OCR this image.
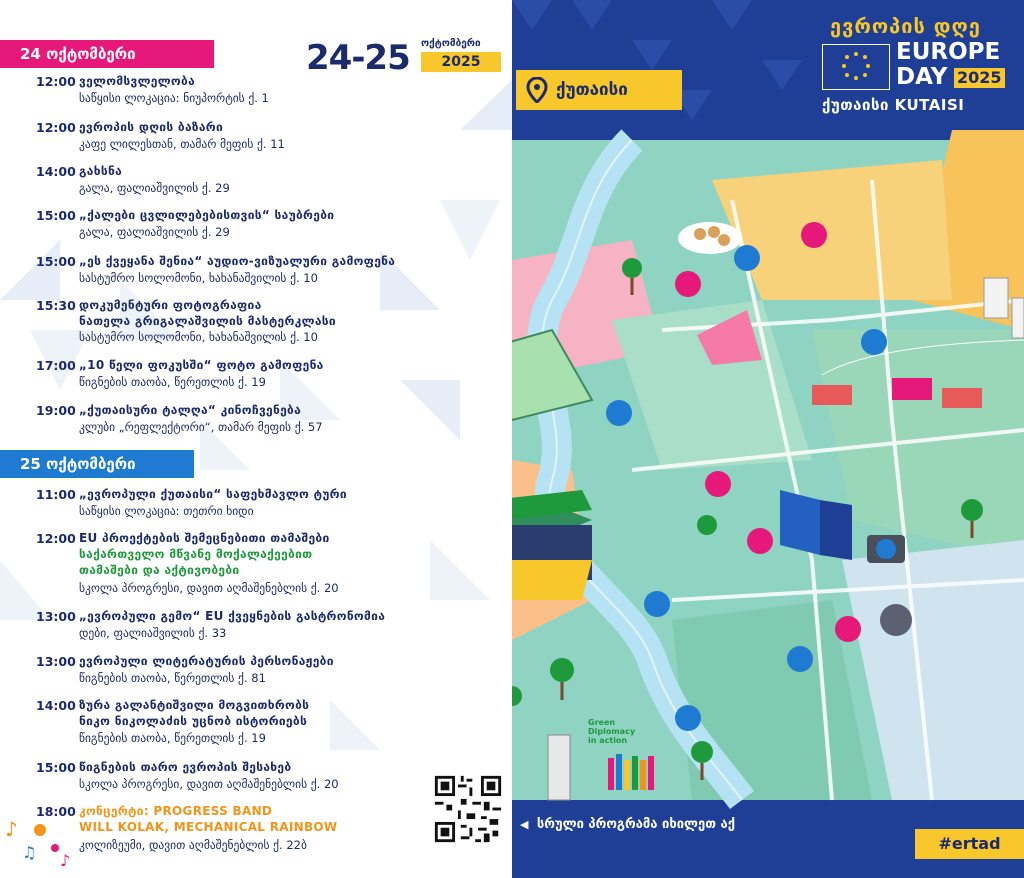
♪
♫ ♪
24 ოქტომბერი	24-25 ოქტომბერი
2025
12:00 ველომსვლელობა
საწყისი ლოკაცია: ნიუპორტის ქ. 1
12:00 ევროპის დღის ბაზარი
კაფე ლილესთან, თამარ მეფის ქ. 11
14:00 გახსნა
გალა, ფალიაშვილის ქ. 29
15:00 „ქალები ცვლილებებისთვის“ საუბრები
გალა, ფალიაშვილის ქ. 29
15:00 „ეს ქვეყანა შენია“ აუდიო-ვიზუალური გამოფენა
სასტუმრო სოლომონი, ხახანაშვილის ქ. 10
15:30 დოკუმენტური ფოტოგრაფია
ნათელა გრიგალაშვილის მასტერკლასი
სასტუმრო სოლომონი, ხახანაშვილის ქ. 10
17:00 „10 წელი ფოკუსში“ ფოტო გამოფენა
წიგნების თაობა, წერეთლის ქ. 19
19:00 „ქუთაისური ტალღა“ კინოჩვენება
კლუბი „რეფლექტორი“, თამარ მეფის ქ. 57
25 ოქტომბერი
11:00 „ევროპული ქუთაისი“ საფეხმავლო ტური
საწყისი ლოკაცია: თეთრი ხიდი
12:00 EU პროექტების შემეცნებითი თამაშები
საქართველო მწვანე მოქალაქეებით
თამაშები და აქტივობები
სკოლა პროგრესი, დავით აღმაშენებლის ქ. 20
13:00 „ევროპული გემო“ EU ქვეყნების გასტრონომია
დები, ფალიაშვილის ქ. 33
13:00 ევროპული ლიტერატურის პერსონაჟები
წიგნების თაობა, წერეთლის ქ. 81
14:00 ზურა გალანტიშვილი მოგვითხრობს
ნიკო ნიკოლაძის უცნობ ისტორიებს
წიგნების თაობა, წერეთლის ქ. 19
15:00 წიგნების თარო ევროპის შესახებ
სკოლა პროგრესი, დავით აღმაშენებლის ქ. 20
18:00 კონცერტი: PROGRESS BAND
WILL KOLAK, MECHANICAL RAINBOW
კოლიზეუმი, დავით აღმაშენებლის ქ. 22ბ
Green Diplomacy in action
ქუთაისი
ევროპის დღე
EUROPE
DAY 2025
ქუთაისი KUTAISI
◀  სრული პროგრამა იხილეთ აქ
#ertad
